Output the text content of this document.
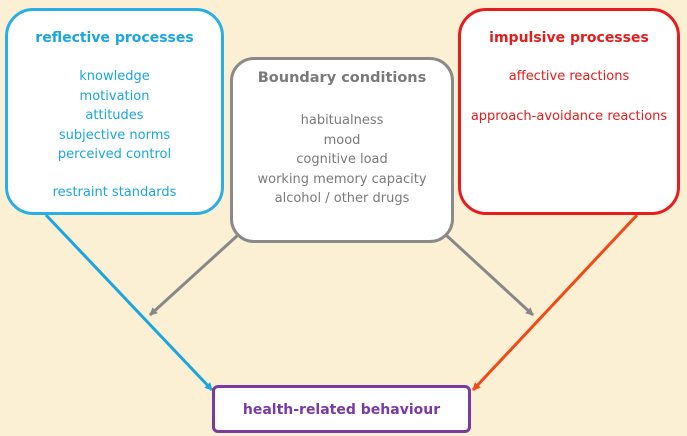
reflective processes
knowledge
motivation
attitudes
subjective norms
perceived control
restraint standards
Boundary conditions
habitualness
mood
cognitive load
working memory capacity
alcohol / other drugs
impulsive processes
affective reactions
approach-avoidance reactions
health-related behaviour
